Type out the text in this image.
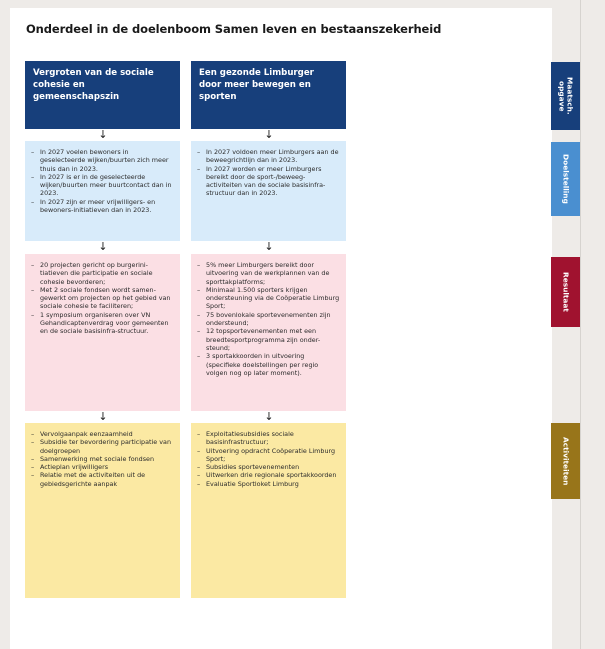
Onderdeel in de doelenboom Samen leven en bestaanszekerheid
Vergroten van de sociale cohesie en gemeenschapszin
↓
– In 2027 voelen bewoners in geselecteerde wijken/buurten zich meer thuis dan in 2023.
– In 2027 is er in de geselecteerde wijken/buurten meer buurtcontact dan in 2023.
– In 2027 zijn er meer vrijwilligers- en bewoners-initiatieven dan in 2023.
↓
– 20 projecten gericht op burgerini-tiatieven die participatie en sociale cohesie bevorderen;
– Met 2 sociale fondsen wordt samen-gewerkt om projecten op het gebied van sociale cohesie te faciliteren;
– 1 symposium organiseren over VN Gehandicaptenverdrag voor gemeenten en de sociale basisinfra-structuur.
↓
– Vervolgaanpak eenzaamheid
– Subsidie ter bevordering participatie van doelgroepen
– Samenwerking met sociale fondsen
– Actieplan vrijwilligers
– Relatie met de activiteiten uit de gebiedsgerichte aanpak
Een gezonde Limburger door meer bewegen en sporten
↓
– In 2027 voldoen meer Limburgers aan de beweegrichtlijn dan in 2023.
– In 2027 worden er meer Limburgers bereikt door de sport-/beweeg-activiteiten van de sociale basisinfra-structuur dan in 2023.
↓
– 5% meer Limburgers bereikt door uitvoering van de werkplannen van de sporttakplatforms;
– Minimaal 1.500 sporters krijgen ondersteuning via de Coöperatie Limburg Sport;
– 75 bovenlokale sportevenementen zijn ondersteund;
– 12 topsportevenementen met een breedtesportprogramma zijn onder-steund;
– 3 sportakkoorden in uitvoering (specifieke doelstellingen per regio volgen nog op later moment).
↓
– Exploitatiesubsidies sociale basisinfrastructuur;
– Uitvoering opdracht Coöperatie Limburg Sport;
– Subsidies sportevenementen
– Uitwerken drie regionale sportakkoorden
– Evaluatie Sportloket Limburg
Maatsch.
opgave
Doelstelling
Resultaat
Activiteiten
